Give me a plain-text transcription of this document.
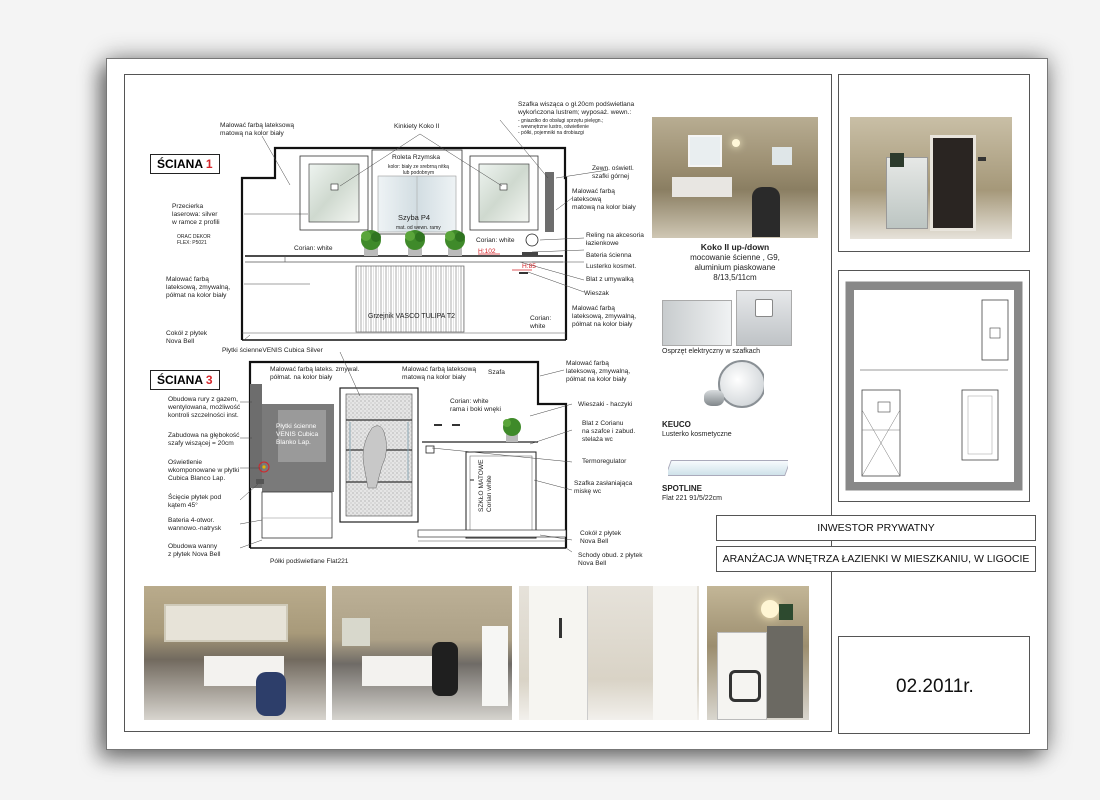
INWESTOR PRYWATNY
ARANŻACJA WNĘTRZA ŁAZIENKI W MIESZKANIU, W LIGOCIE
02.2011r.
ŚCIANA 1
ŚCIANA 3
Malować farbą lateksową
matową na kolor biały
Kinkiety Koko II
Roleta Rzymska
kolor: biały ze srebrną nitką
lub podobnym
Szafka wisząca o gł.20cm podświetlana
wykończona lustrem; wyposaż. wewn.:
- gniazdko do obsługi sprzętu pielęgn.;
- wewnętrzne lustro, oświetlenie
- półki, pojemniki na drobiazgi
Zewn. oświetl.
szafki górnej
Malować farbą
lateksową
matową na kolor biały
Przecierka
laserowa: silver
w ramce z profili
ORAC DEKOR
FLEX: P5021
Szyba P4
mat. od wewn. ramy
Corian: white
Corian: white
H:102
H:85
Reling na akcesoria
łazienkowe
Bateria ścienna
Lusterko kosmet.
Blat z umywalką
Malować farbą
lateksową, zmywalną,
półmat na kolor biały
Grzejnik VASCO TULIPA T2
Wieszak
Malować farbą
lateksową, zmywalną,
półmat na kolor biały
Corian:
white
Cokół z płytek
Nova Bell
Płytki ścienneVENIS Cubica Silver
Malować farbą lateks. zmywal.
półmat. na kolor biały
Malować farbą lateksową
matową na kolor biały
Szafa
Malować farbą
lateksową, zmywalną,
półmat na kolor biały
Obudowa rury z gazem,
wentylowana, możliwość
kontroli szczelności inst.
Zabudowa na głębokość
szafy wiszącej = 20cm
Oświetlenie
wkomponowane w płytki
Cubica Blanco Lap.
Ścięcie płytek pod
kątem 45°
Bateria 4-otwor.
wannowo.-natrysk
Obudowa wanny
z płytek Nova Bell
Płytki ścienne
VENIS Cubica
Blanko Lap.
Corian: white
rama i boki wnęki
Wieszaki - haczyki
Blat z Corianu
na szafce i zabud.
stelaża wc
Termoregulator
Szafka zasłaniająca
miskę wc
SZKŁO MATOWE
Corian white
Cokół z płytek
Nova Bell
Schody obud. z płytek
Nova Bell
Półki podświetlane Flat221
Koko II up-/down
mocowanie ścienne , G9,
aluminium piaskowane
8/13,5/11cm
Osprzęt elektryczny w szafkach
KEUCO
Lusterko kosmetyczne
SPOTLINE
Flat 221 91/5/22cm
